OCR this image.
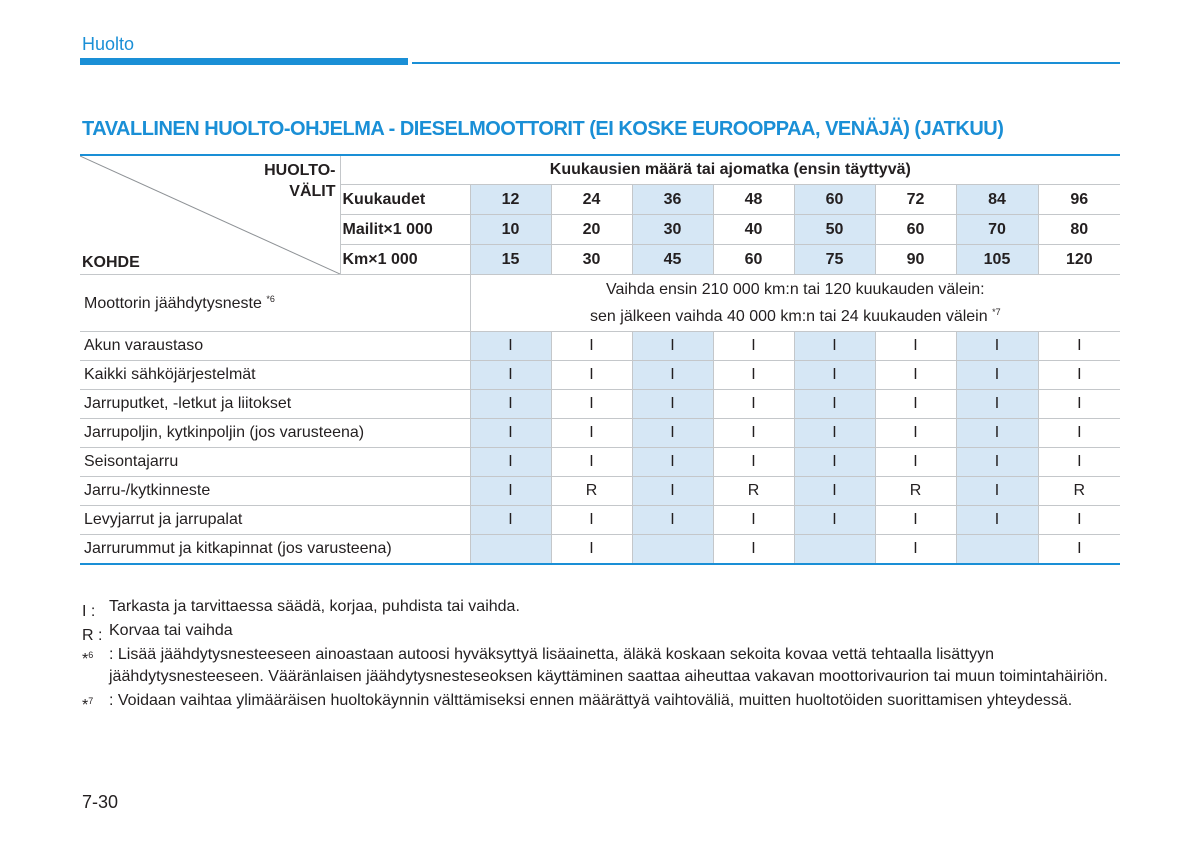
Huolto
TAVALLINEN HUOLTO-OHJELMA - DIESELMOOTTORIT (EI KOSKE EUROOPPAA, VENÄJÄ) (JATKUU)
HUOLTO-
VÄLIT
KOHDE	Kuukausien määrä tai ajomatka (ensin täyttyvä)								
	Kuukaudet	12	24	36	48	60	72	84	96
	Mailit×1 000	10	20	30	40	50	60	70	80
	Km×1 000	15	30	45	60	75	90	105	120
Moottorin jäähdytysneste $^{*6}$		Vaihda ensin 210 000 km:n tai 120 kuukauden välein:
sen jälkeen vaihda 40 000 km:n tai 24 kuukauden välein $^{*7}$

Akun varaustaso		I	I	I	I	I	I	I	I
Kaikki sähköjärjestelmät		I	I	I	I	I	I	I	I
Jarruputket, -letkut ja liitokset		I	I	I	I	I	I	I	I
Jarrupoljin, kytkinpoljin (jos varusteena)		I	I	I	I	I	I	I	I
Seisontajarru		I	I	I	I	I	I	I	I
Jarru-/kytkinneste		I	R	I	R	I	R	I	R
Levyjarrut ja jarrupalat		I	I	I	I	I	I	I	I
Jarrurummut ja kitkapinnat (jos varusteena)			I		I		I		I
I : Tarkasta ja tarvittaessa säädä, korjaa, puhdista tai vaihda.
R : Korvaa tai vaihda
*$^6$ : Lisää jäähdytysnesteeseen ainoastaan autoosi hyväksyttyä lisäainetta, äläkä koskaan sekoita kovaa vettä tehtaalla lisättyyn jäähdytysnesteeseen. Vääränlaisen jäähdytysnesteseoksen käyttäminen saattaa aiheuttaa vakavan moottorivaurion tai muun toimintahäiriön.
*$^7$ : Voidaan vaihtaa ylimääräisen huoltokäynnin välttämiseksi ennen määrättyä vaihtoväliä, muitten huoltotöiden suorittamisen yhteydessä.
7-30
